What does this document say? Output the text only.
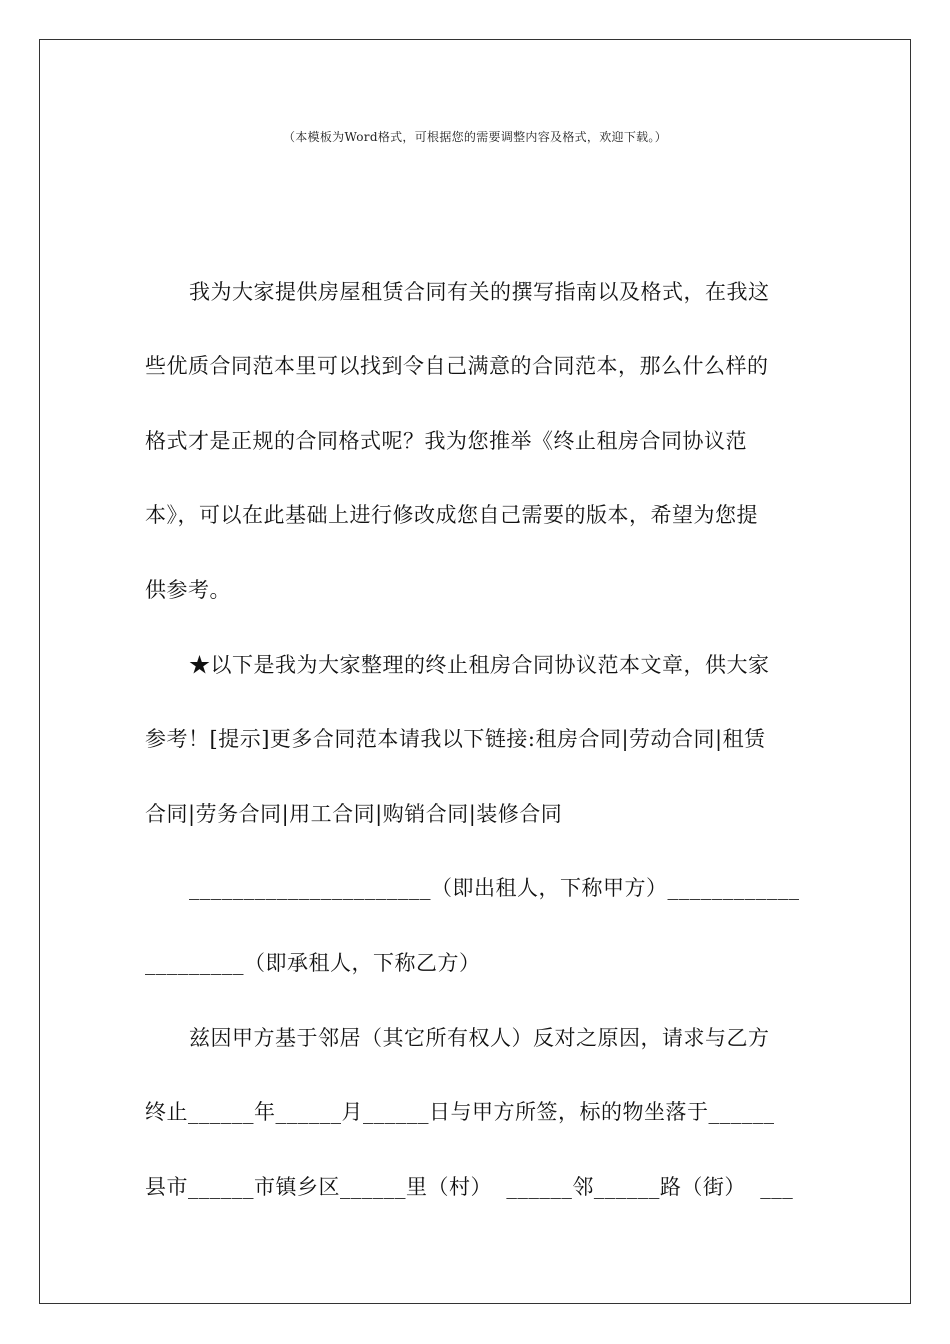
（本模板为Word格式，可根据您的需要调整内容及格式，欢迎下载。）
我为大家提供房屋租赁合同有关的撰写指南以及格式，在我这
些优质合同范本里可以找到令自己满意的合同范本，那么什么样的
格式才是正规的合同格式呢？我为您推举《终止租房合同协议范
本》，可以在此基础上进行修改成您自己需要的版本，希望为您提
供参考。
★以下是我为大家整理的终止租房合同协议范本文章，供大家
参考！[提示]更多合同范本请我以下链接:租房合同|劳动合同|租赁
合同|劳务合同|用工合同|购销合同|装修合同
______________________（即出租人，下称甲方）____________
_________（即承租人，下称乙方）
兹因甲方基于邻居（其它所有权人）反对之原因，请求与乙方
终止______年______月______日与甲方所签，标的物坐落于______
县市______市镇乡区______里（村）  ______邻______路（街）  ___
